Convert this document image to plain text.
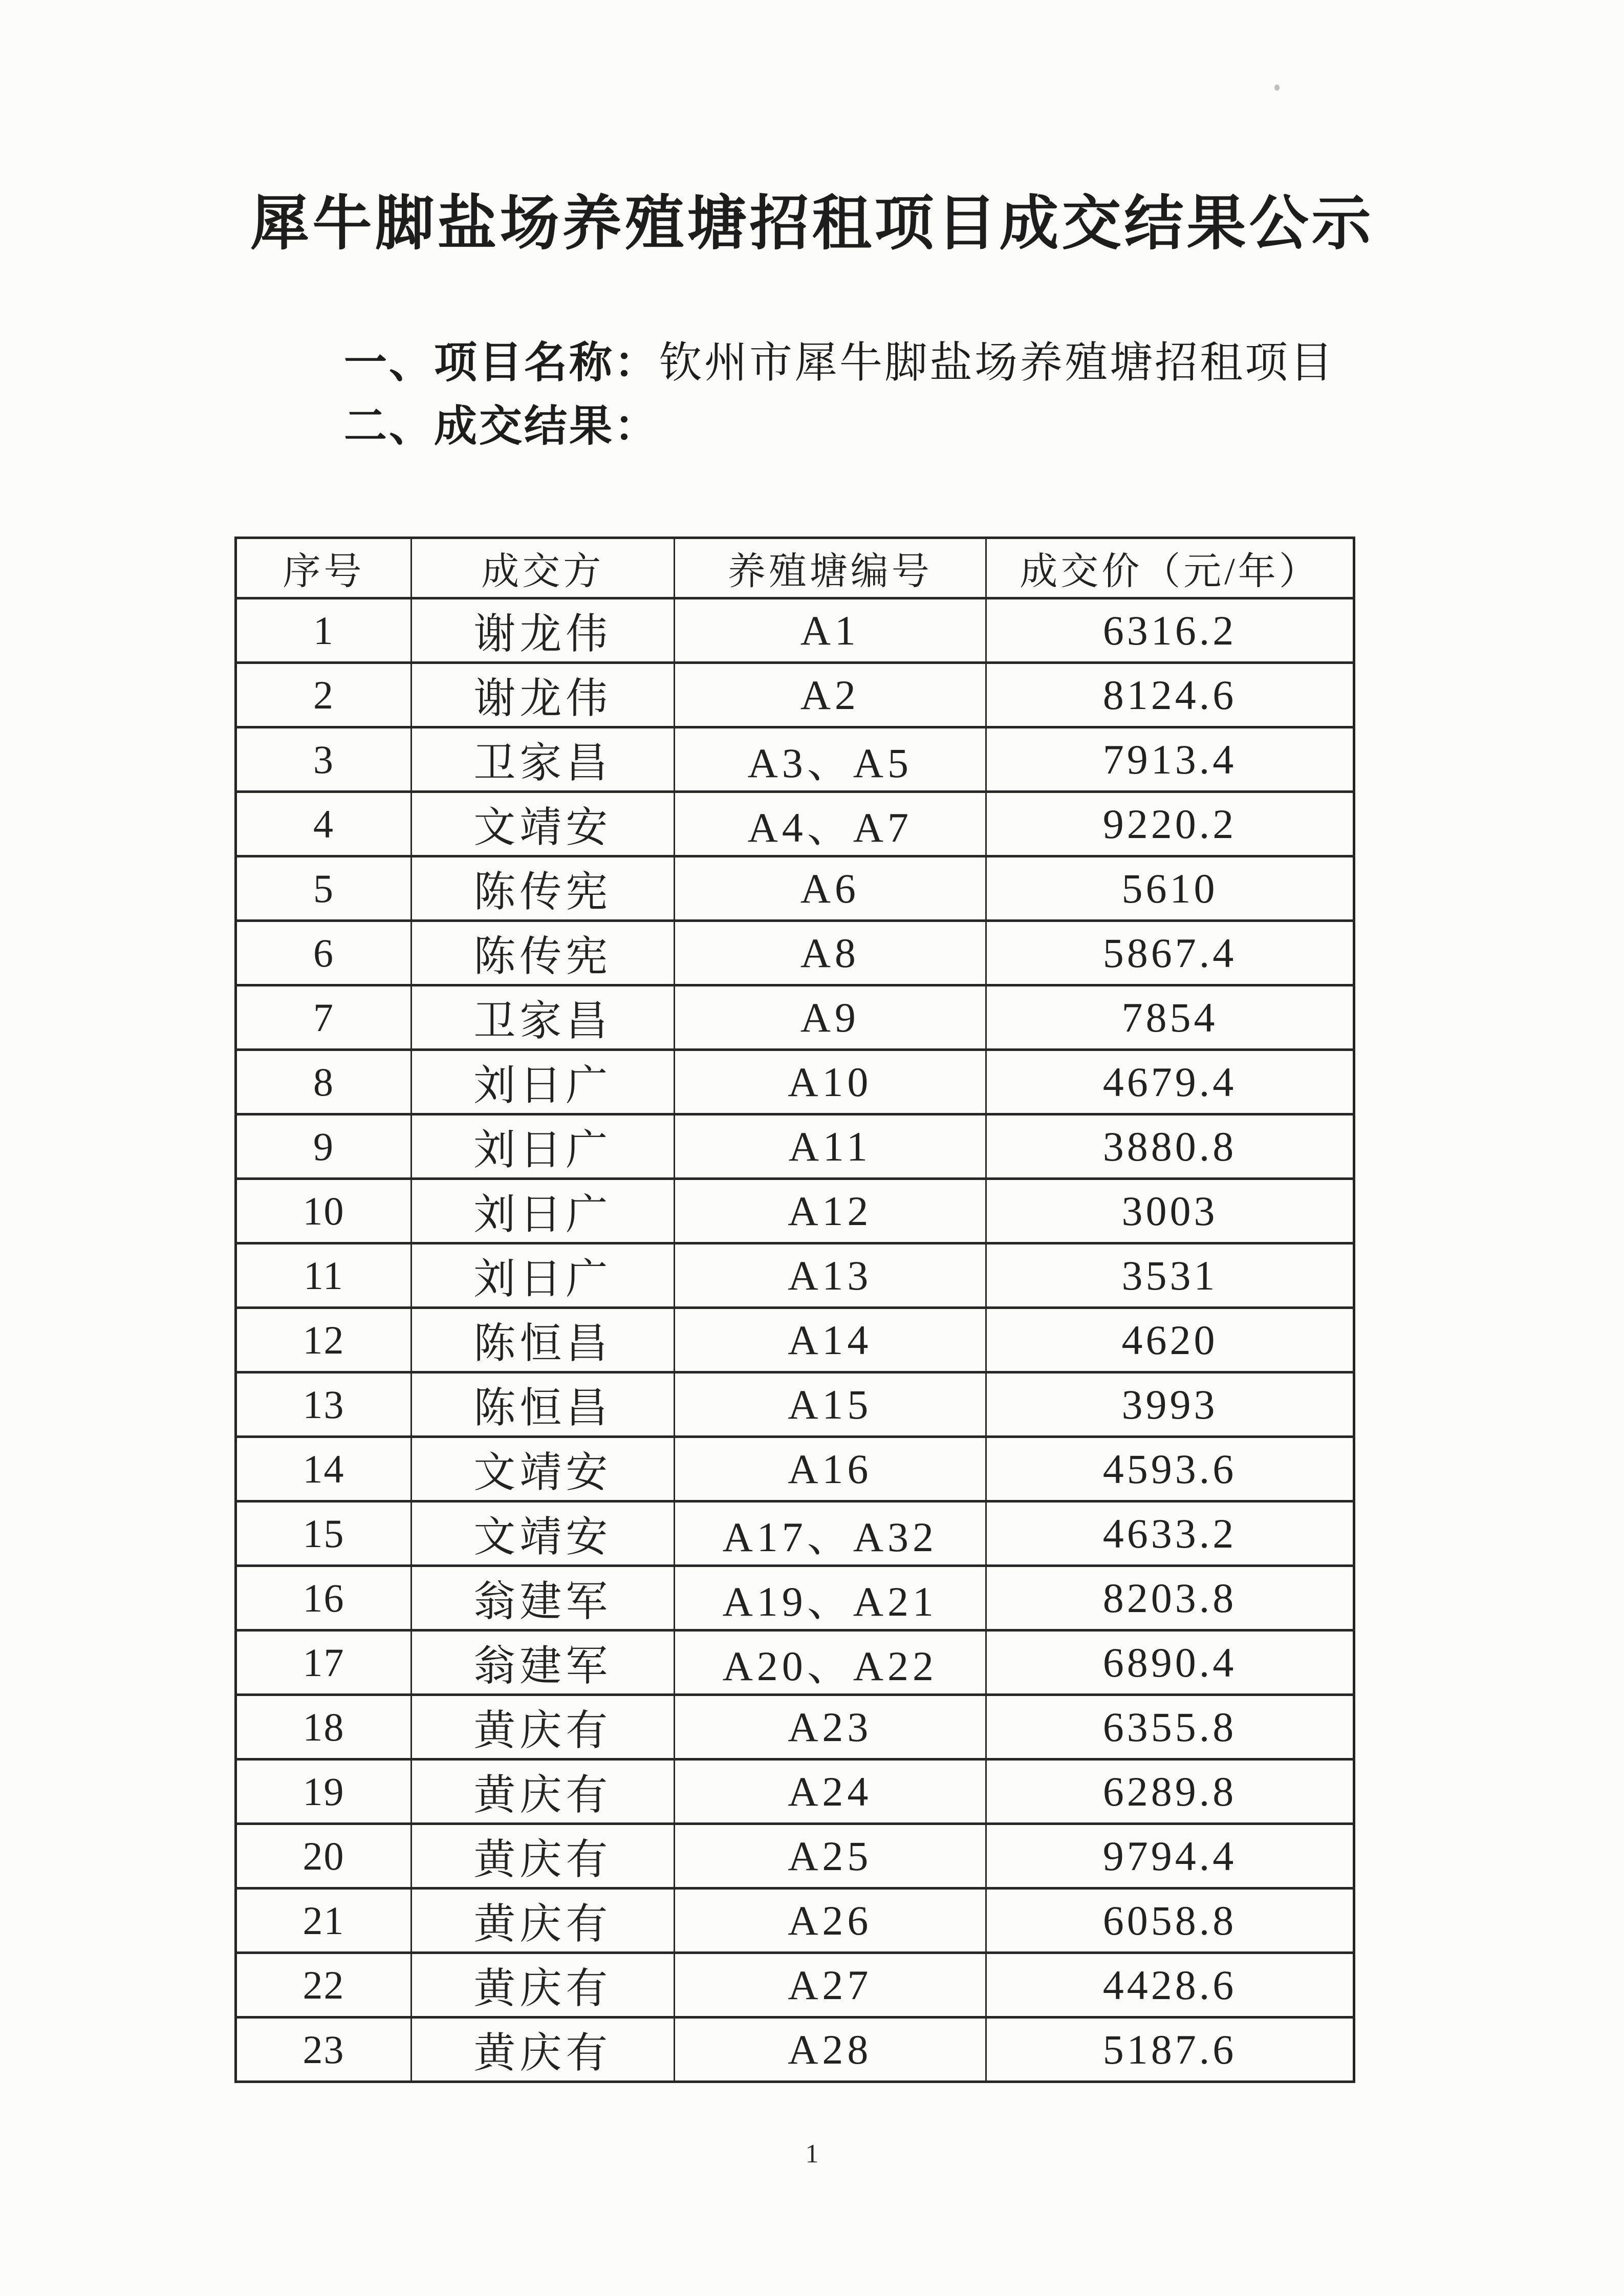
犀牛脚盐场养殖塘招租项目成交结果公示
一、项目名称：钦州市犀牛脚盐场养殖塘招租项目
二、成交结果：
序号	成交方	养殖塘编号	成交价（元/年）
1	谢龙伟	A1	6316.2
2	谢龙伟	A2	8124.6
3	卫家昌	A3、A5	7913.4
4	文靖安	A4、A7	9220.2
5	陈传宪	A6	5610
6	陈传宪	A8	5867.4
7	卫家昌	A9	7854
8	刘日广	A10	4679.4
9	刘日广	A11	3880.8
10	刘日广	A12	3003
11	刘日广	A13	3531
12	陈恒昌	A14	4620
13	陈恒昌	A15	3993
14	文靖安	A16	4593.6
15	文靖安	A17、A32	4633.2
16	翁建军	A19、A21	8203.8
17	翁建军	A20、A22	6890.4
18	黄庆有	A23	6355.8
19	黄庆有	A24	6289.8
20	黄庆有	A25	9794.4
21	黄庆有	A26	6058.8
22	黄庆有	A27	4428.6
23	黄庆有	A28	5187.6
1
